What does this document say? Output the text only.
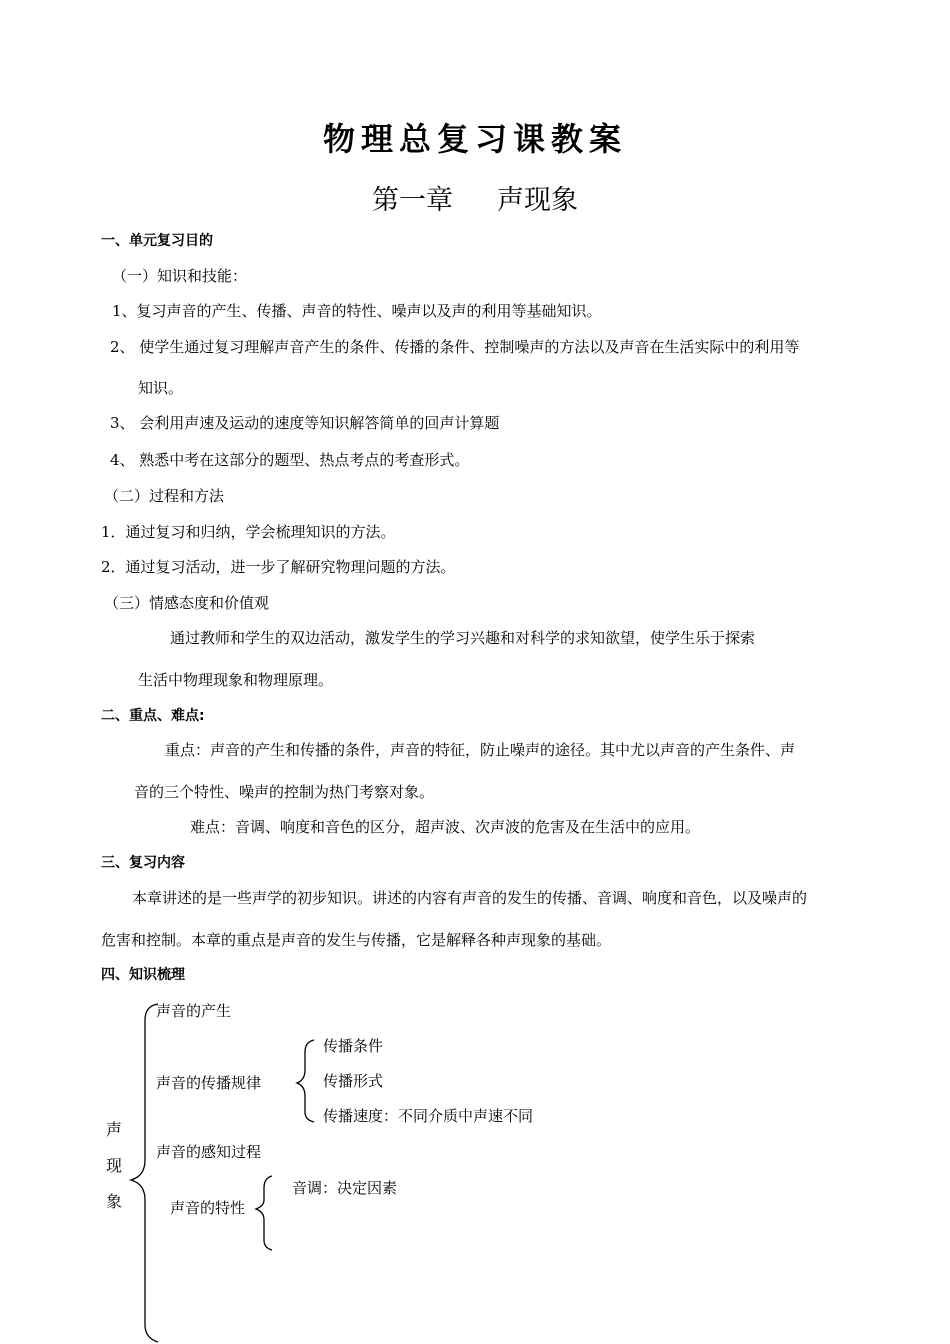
物理总复习课教案
第一章 声现象
一、单元复习目的
（一）知识和技能：
1、复习声音的产生、传播、声音的特性、噪声以及声的利用等基础知识。
2、 使学生通过复习理解声音产生的条件、传播的条件、控制噪声的方法以及声音在生活实际中的利用等
知识。
3、 会利用声速及运动的速度等知识解答简单的回声计算题
4、 熟悉中考在这部分的题型、热点考点的考查形式。
（二）过程和方法
1．通过复习和归纳，学会梳理知识的方法。
2．通过复习活动，进一步了解研究物理问题的方法。
（三）情感态度和价值观
通过教师和学生的双边活动，激发学生的学习兴趣和对科学的求知欲望，使学生乐于探索
生活中物理现象和物理原理。
二、重点、难点:
重点：声音的产生和传播的条件，声音的特征，防止噪声的途径。其中尤以声音的产生条件、声
音的三个特性、噪声的控制为热门考察对象。
难点：音调、响度和音色的区分，超声波、次声波的危害及在生活中的应用。
三、复习内容
本章讲述的是一些声学的初步知识。讲述的内容有声音的发生的传播、音调、响度和音色，以及噪声的
危害和控制。本章的重点是声音的发生与传播，它是解释各种声现象的基础。
四、知识梳理
声
现
象
声音的产生
声音的传播规律
传播条件
传播形式
传播速度：不同介质中声速不同
声音的感知过程
声音的特性
音调：决定因素
